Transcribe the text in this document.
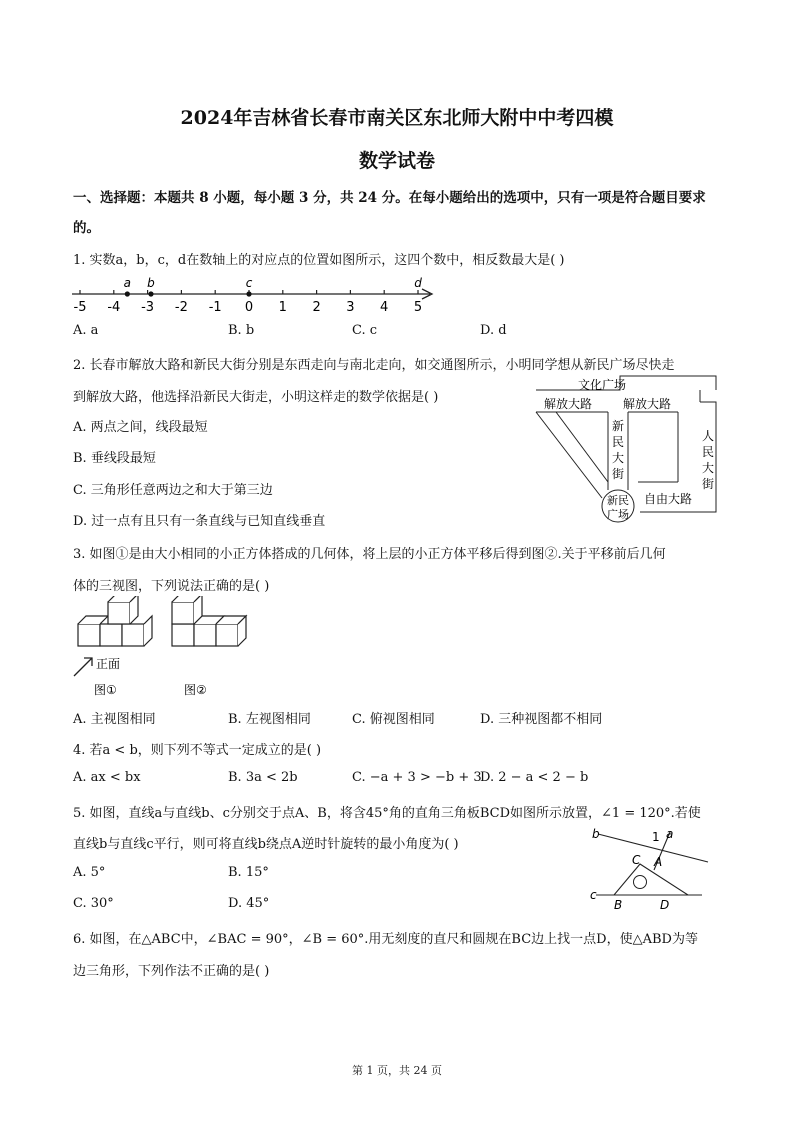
2024年吉林省长春市南关区东北师大附中中考四模
数学试卷
一、选择题：本题共 8 小题，每小题 3 分，共 24 分。在每小题给出的选项中，只有一项是符合题目要求
的。
1. 实数a，b，c，d在数轴上的对应点的位置如图所示，这四个数中，相反数最大是( )
-5 -4 -3 -2 -1 0 1 2 3 4 5
a b	c	d
A. a	B. b	C. c	D. d
2. 长春市解放大路和新民大街分别是东西走向与南北走向，如交通图所示，小明同学想从新民广场尽快走
到解放大路，他选择沿新民大街走，小明这样走的数学依据是( )
A. 两点之间，线段最短
B. 垂线段最短
C. 三角形任意两边之和大于第三边
D. 过一点有且只有一条直线与已知直线垂直
文化广场
解放大路	解放大路
自由大路
新民
广场
新
民
大
街
人
民
大
街
3. 如图①是由大小相同的小正方体搭成的几何体，将上层的小正方体平移后得到图②.关于平移前后几何
体的三视图，下列说法正确的是( )
正面
图①	图②
A. 主视图相同	B. 左视图相同	C. 俯视图相同	D. 三种视图都不相同
4. 若a < b，则下列不等式一定成立的是( )
A. ax < bx	B. 3a < 2b	C. −a + 3 > −b + 3
D. 2 − a < 2 − b
5. 如图，直线a与直线b、c分别交于点A、B，将含45°角的直角三角板BCD如图所示放置，∠1 = 120°.若使
直线b与直线c平行，则可将直线b绕点A逆时针旋转的最小角度为( )
A. 5°	B. 15°
C. 30°	D. 45°
b	1 a
C A
c
B	D
6. 如图，在△ABC中，∠BAC = 90°，∠B = 60°.用无刻度的直尺和圆规在BC边上找一点D，使△ABD为等
边三角形，下列作法不正确的是( )
第 1 页，共 24 页
